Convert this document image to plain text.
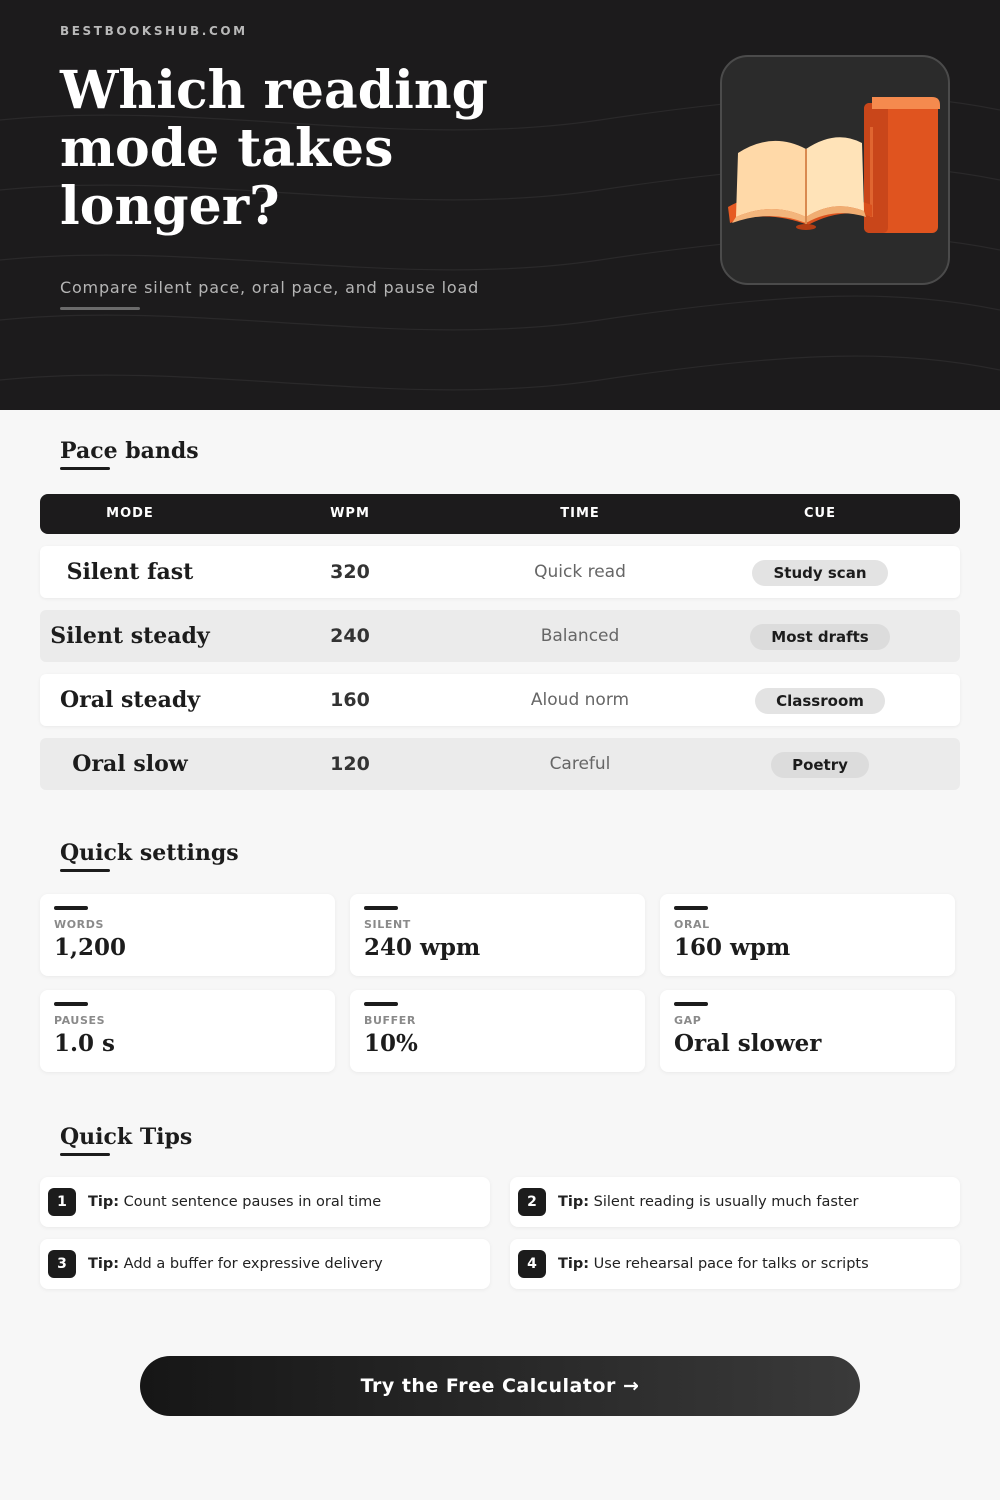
BESTBOOKSHUB.COM
Which reading mode takes longer?
Compare silent pace, oral pace, and pause load
Pace bands
MODE	WPM	TIME	CUE
Silent fast	320	Quick read	Study scan
Silent steady	240	Balanced	Most drafts
Oral steady	160	Aloud norm	Classroom
Oral slow	120	Careful	Poetry
Quick settings
WORDS
1,200
SILENT
240 wpm
ORAL
160 wpm
PAUSES
1.0 s
BUFFER
10%
GAP
Oral slower
Quick Tips
1	Tip: Count sentence pauses in oral time	2	Tip: Silent reading is usually much faster
3	Tip: Add a buffer for expressive delivery	4	Tip: Use rehearsal pace for talks or scripts
Try the Free Calculator →
